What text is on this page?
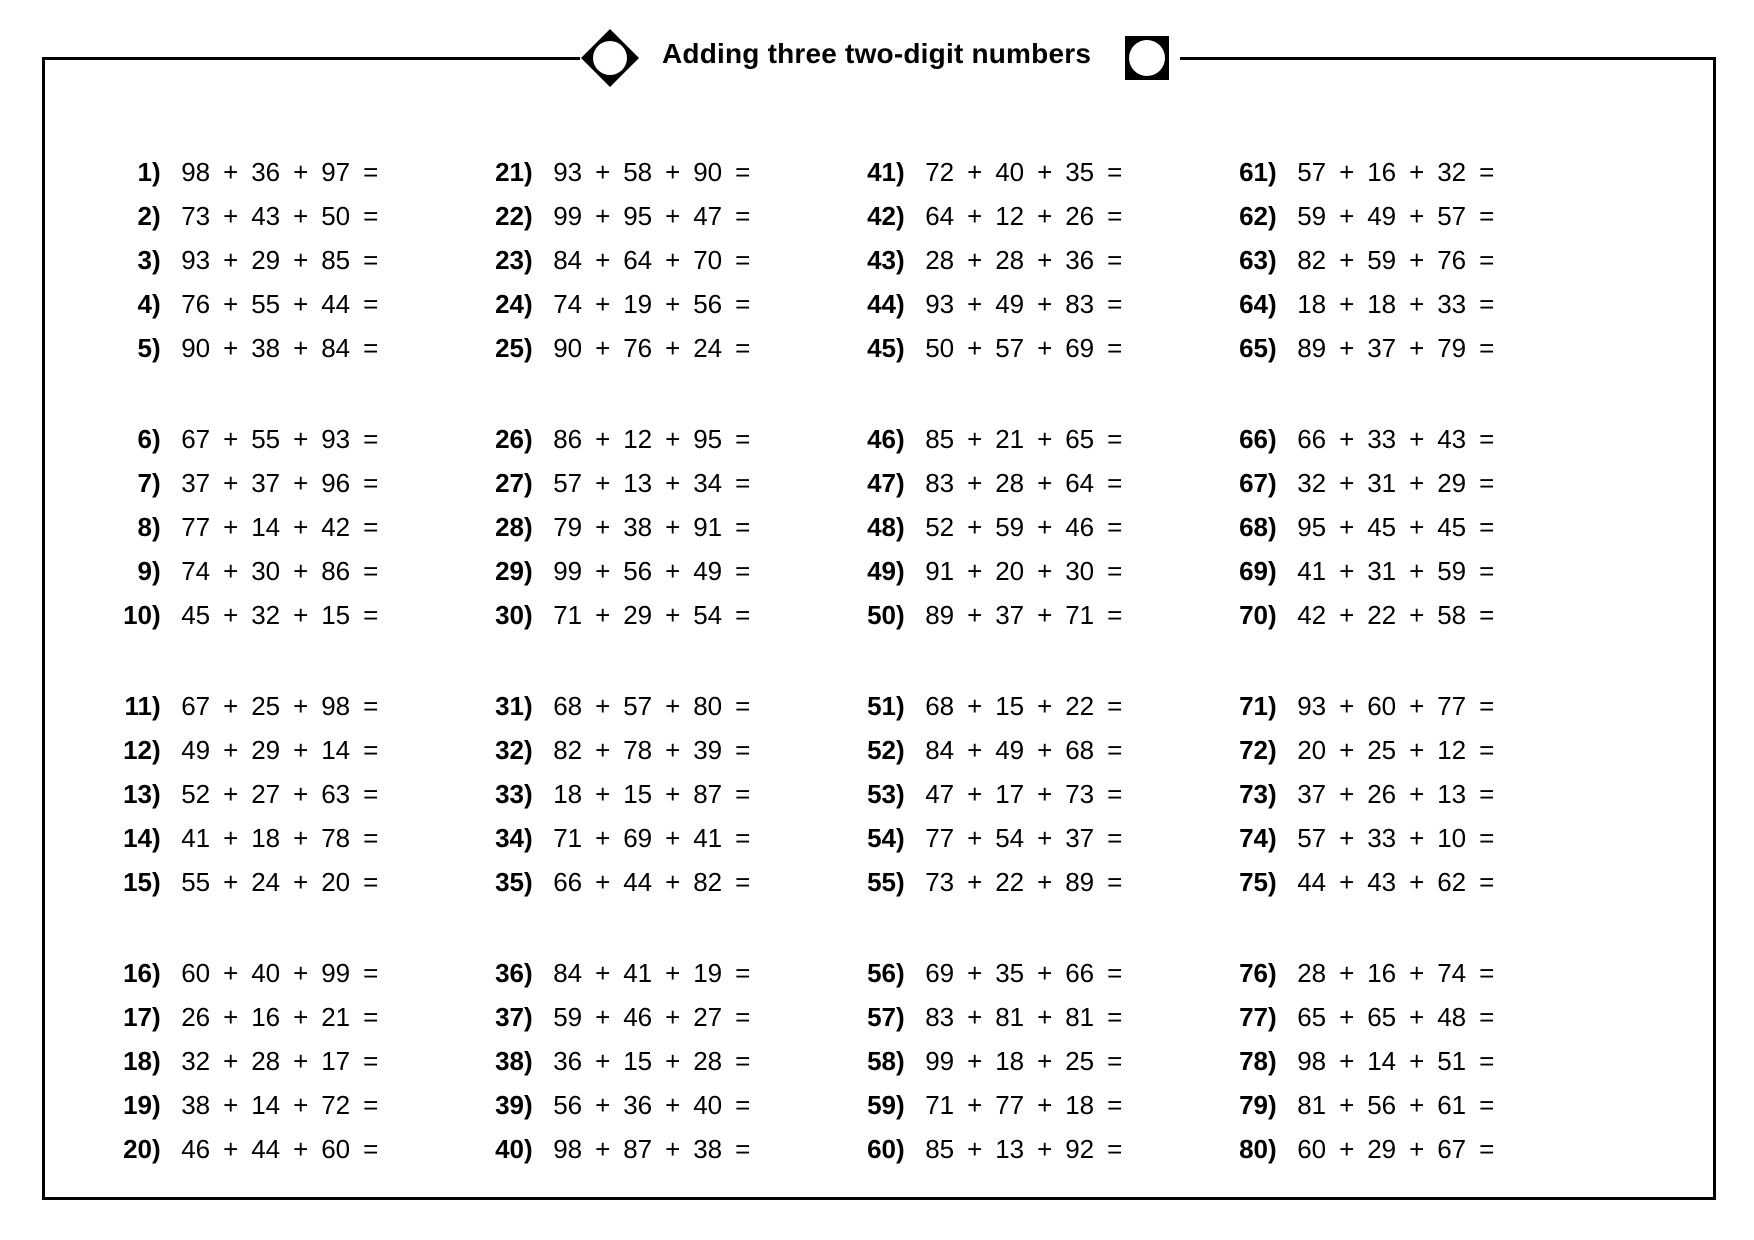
Adding three two-digit numbers
1 ) 98 + 36 + 97 =
2 ) 73 + 43 + 50 =
3 ) 93 + 29 + 85 =
4 ) 76 + 55 + 44 =
5 ) 90 + 38 + 84 =
6 ) 67 + 55 + 93 =
7 ) 37 + 37 + 96 =
8 ) 77 + 14 + 42 =
9 ) 74 + 30 + 86 =
10 ) 45 + 32 + 15 =
11 ) 67 + 25 + 98 =
12 ) 49 + 29 + 14 =
13 ) 52 + 27 + 63 =
14 ) 41 + 18 + 78 =
15 ) 55 + 24 + 20 =
16 ) 60 + 40 + 99 =
17 ) 26 + 16 + 21 =
18 ) 32 + 28 + 17 =
19 ) 38 + 14 + 72 =
20 ) 46 + 44 + 60 =
21 ) 93 + 58 + 90 =
22 ) 99 + 95 + 47 =
23 ) 84 + 64 + 70 =
24 ) 74 + 19 + 56 =
25 ) 90 + 76 + 24 =
26 ) 86 + 12 + 95 =
27 ) 57 + 13 + 34 =
28 ) 79 + 38 + 91 =
29 ) 99 + 56 + 49 =
30 ) 71 + 29 + 54 =
31 ) 68 + 57 + 80 =
32 ) 82 + 78 + 39 =
33 ) 18 + 15 + 87 =
34 ) 71 + 69 + 41 =
35 ) 66 + 44 + 82 =
36 ) 84 + 41 + 19 =
37 ) 59 + 46 + 27 =
38 ) 36 + 15 + 28 =
39 ) 56 + 36 + 40 =
40 ) 98 + 87 + 38 =
41 ) 72 + 40 + 35 =
42 ) 64 + 12 + 26 =
43 ) 28 + 28 + 36 =
44 ) 93 + 49 + 83 =
45 ) 50 + 57 + 69 =
46 ) 85 + 21 + 65 =
47 ) 83 + 28 + 64 =
48 ) 52 + 59 + 46 =
49 ) 91 + 20 + 30 =
50 ) 89 + 37 + 71 =
51 ) 68 + 15 + 22 =
52 ) 84 + 49 + 68 =
53 ) 47 + 17 + 73 =
54 ) 77 + 54 + 37 =
55 ) 73 + 22 + 89 =
56 ) 69 + 35 + 66 =
57 ) 83 + 81 + 81 =
58 ) 99 + 18 + 25 =
59 ) 71 + 77 + 18 =
60 ) 85 + 13 + 92 =
61 ) 57 + 16 + 32 =
62 ) 59 + 49 + 57 =
63 ) 82 + 59 + 76 =
64 ) 18 + 18 + 33 =
65 ) 89 + 37 + 79 =
66 ) 66 + 33 + 43 =
67 ) 32 + 31 + 29 =
68 ) 95 + 45 + 45 =
69 ) 41 + 31 + 59 =
70 ) 42 + 22 + 58 =
71 ) 93 + 60 + 77 =
72 ) 20 + 25 + 12 =
73 ) 37 + 26 + 13 =
74 ) 57 + 33 + 10 =
75 ) 44 + 43 + 62 =
76 ) 28 + 16 + 74 =
77 ) 65 + 65 + 48 =
78 ) 98 + 14 + 51 =
79 ) 81 + 56 + 61 =
80 ) 60 + 29 + 67 =
